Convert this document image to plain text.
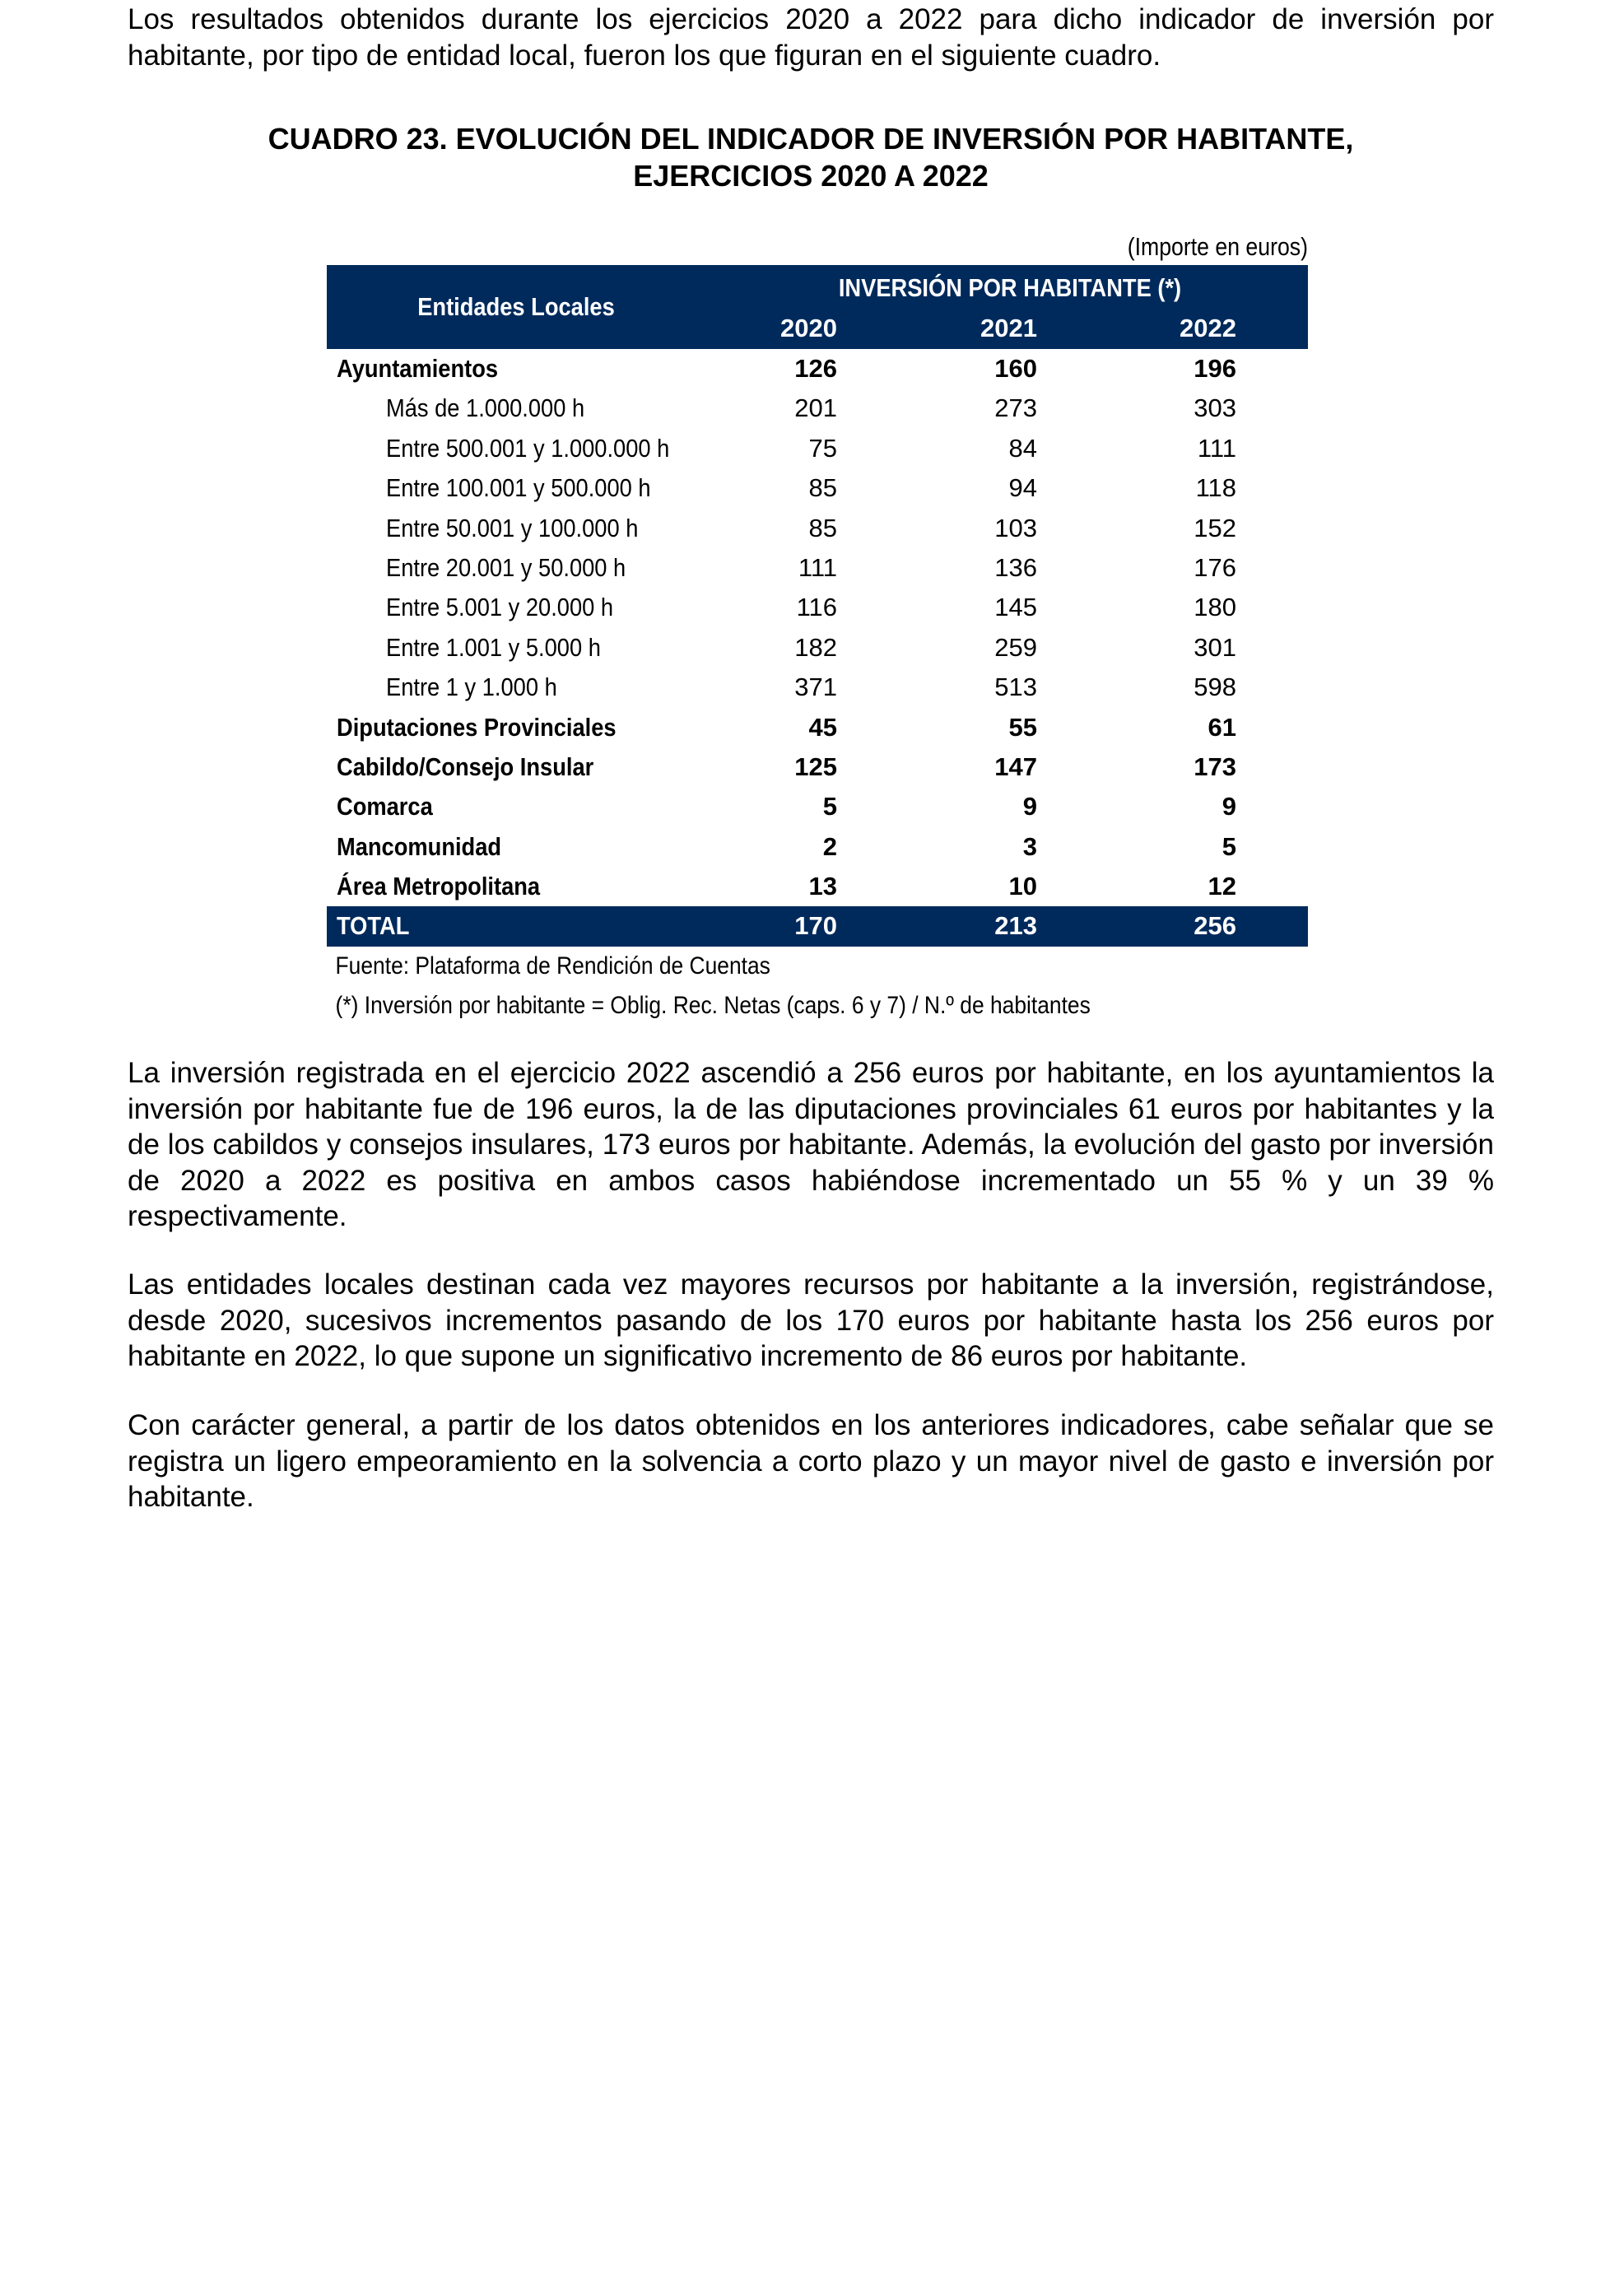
Los resultados obtenidos durante los ejercicios 2020 a 2022 para dicho indicador de inversión por habitante, por tipo de entidad local, fueron los que figuran en el siguiente cuadro.

CUADRO 23. EVOLUCIÓN DEL INDICADOR DE INVERSIÓN POR HABITANTE,
EJERCICIOS 2020 A 2022
(Importe en euros)
Entidades Locales
INVERSIÓN POR HABITANTE (*)
2020	2021	2022
Ayuntamientos	126	160	196
Más de 1.000.000 h	201	273	303
Entre 500.001 y 1.000.000 h	75	84	111
Entre 100.001 y 500.000 h	85	94	118
Entre 50.001 y 100.000 h	85	103	152
Entre 20.001 y 50.000 h	111	136	176
Entre 5.001 y 20.000 h	116	145	180
Entre 1.001 y 5.000 h	182	259	301
Entre 1 y 1.000 h	371	513	598
Diputaciones Provinciales	45	55	61
Cabildo/Consejo Insular	125	147	173
Comarca	5	9	9
Mancomunidad	2	3	5
Área Metropolitana	13	10	12
TOTAL	170	213	256
Fuente: Plataforma de Rendición de Cuentas
(*) Inversión por habitante = Oblig. Rec. Netas (caps. 6 y 7) / N.º de habitantes

La inversión registrada en el ejercicio 2022 ascendió a 256 euros por habitante, en los ayuntamientos la inversión por habitante fue de 196 euros, la de las diputaciones provinciales 61 euros por habitantes y la de los cabildos y consejos insulares, 173 euros por habitante. Además, la evolución del gasto por inversión de 2020 a 2022 es positiva en ambos casos habiéndose incrementado un 55 % y un 39 % respectivamente.

Las entidades locales destinan cada vez mayores recursos por habitante a la inversión, registrándose, desde 2020, sucesivos incrementos pasando de los 170 euros por habitante hasta los 256 euros por habitante en 2022, lo que supone un significativo incremento de 86 euros por habitante.

Con carácter general, a partir de los datos obtenidos en los anteriores indicadores, cabe señalar que se registra un ligero empeoramiento en la solvencia a corto plazo y un mayor nivel de gasto e inversión por habitante.
